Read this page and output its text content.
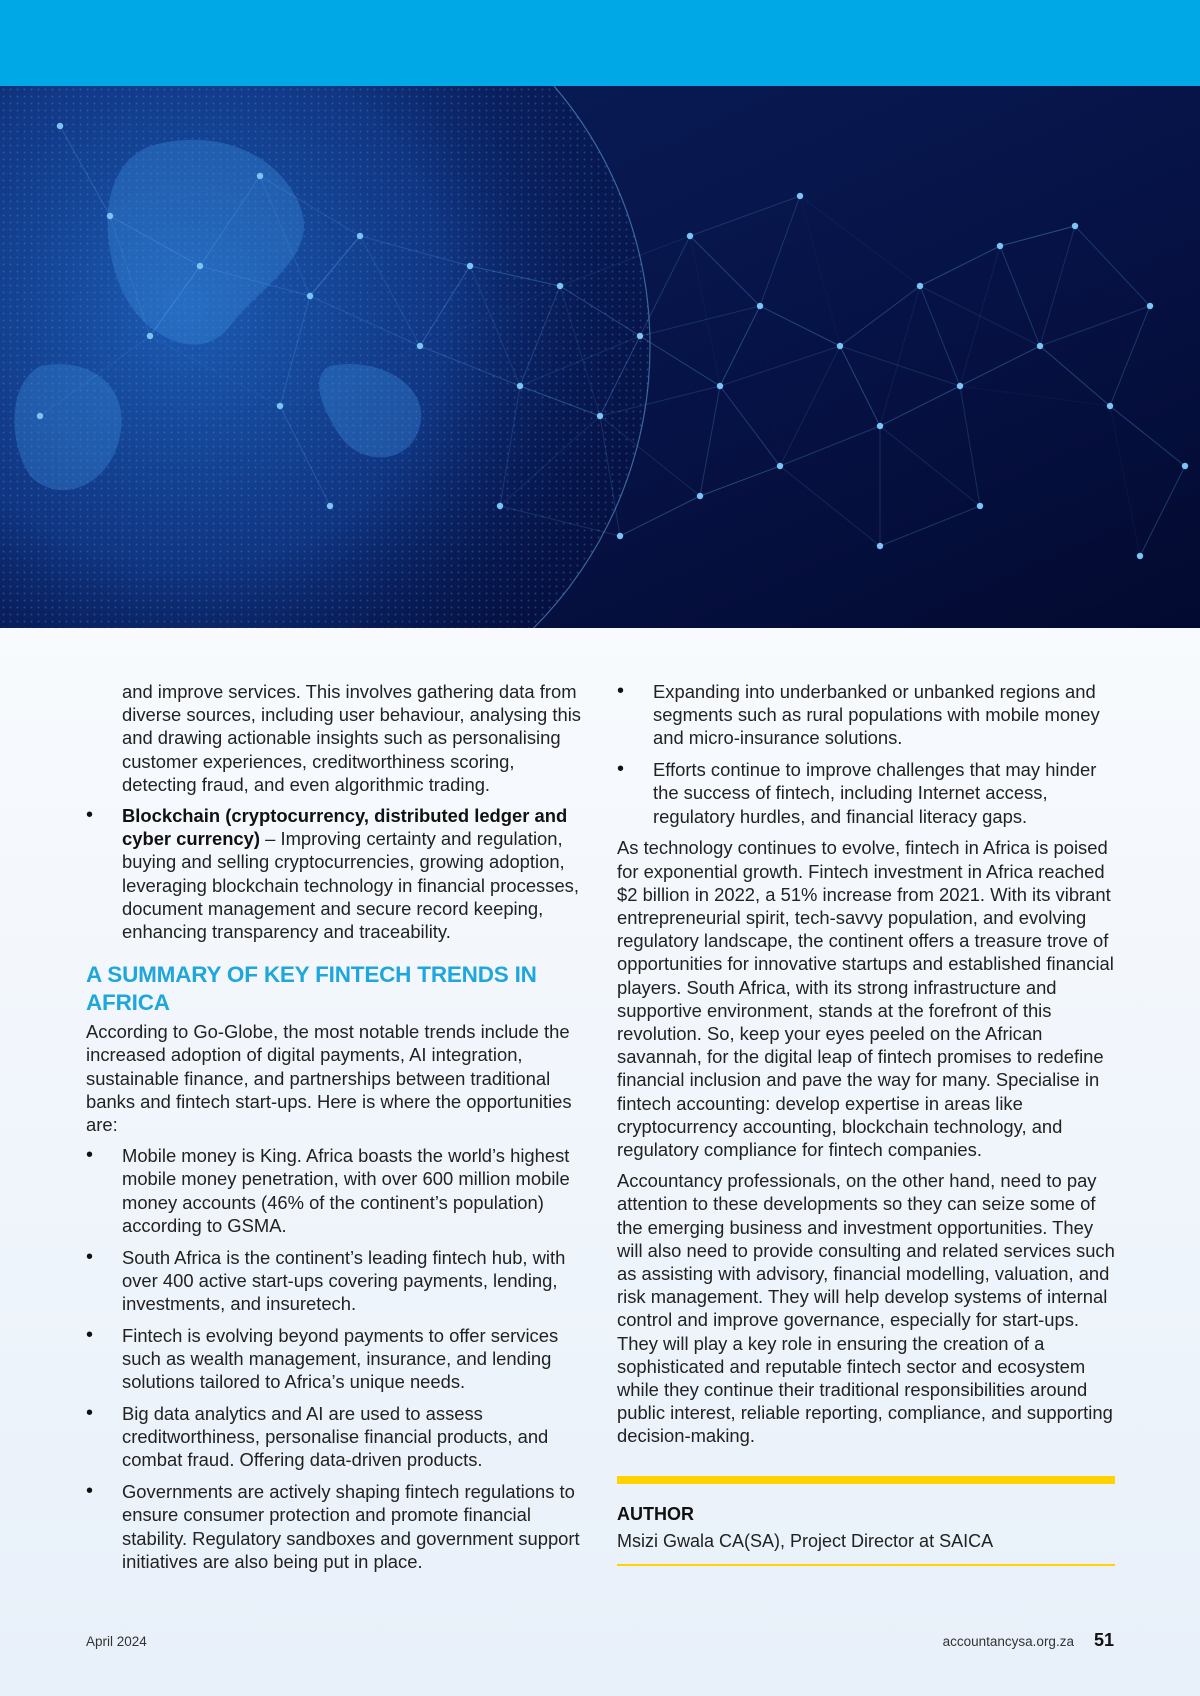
and improve services. This involves gathering data from diverse sources, including user behaviour, analysing this and drawing actionable insights such as personalising customer experiences, creditworthiness scoring, detecting fraud, and even algorithmic trading.

• Blockchain (cryptocurrency, distributed ledger and cyber currency) – Improving certainty and regulation, buying and selling cryptocurrencies, growing adoption, leveraging blockchain technology in financial processes, document management and secure record keeping, enhancing transparency and traceability.
A SUMMARY OF KEY FINTECH TRENDS IN AFRICA

According to Go-Globe, the most notable trends include the increased adoption of digital payments, AI integration, sustainable finance, and partnerships between traditional banks and fintech start-ups. Here is where the opportunities are:

• Mobile money is King. Africa boasts the world’s highest mobile money penetration, with over 600 million mobile money accounts (46% of the continent’s population) according to GSMA.
• South Africa is the continent’s leading fintech hub, with over 400 active start-ups covering payments, lending, investments, and insuretech.
• Fintech is evolving beyond payments to offer services such as wealth management, insurance, and lending solutions tailored to Africa’s unique needs.
• Big data analytics and AI are used to assess creditworthiness, personalise financial products, and combat fraud. Offering data-driven products.
• Governments are actively shaping fintech regulations to ensure consumer protection and promote financial stability. Regulatory sandboxes and government support initiatives are also being put in place.
• Expanding into underbanked or unbanked regions and segments such as rural populations with mobile money and micro-insurance solutions.
• Efforts continue to improve challenges that may hinder the success of fintech, including Internet access, regulatory hurdles, and financial literacy gaps.

As technology continues to evolve, fintech in Africa is poised for exponential growth. Fintech investment in Africa reached $2 billion in 2022, a 51% increase from 2021. With its vibrant entrepreneurial spirit, tech-savvy population, and evolving regulatory landscape, the continent offers a treasure trove of opportunities for innovative startups and established financial players. South Africa, with its strong infrastructure and supportive environment, stands at the forefront of this revolution. So, keep your eyes peeled on the African savannah, for the digital leap of fintech promises to redefine financial inclusion and pave the way for many. Specialise in fintech accounting: develop expertise in areas like cryptocurrency accounting, blockchain technology, and regulatory compliance for fintech companies.

Accountancy professionals, on the other hand, need to pay attention to these developments so they can seize some of the emerging business and investment opportunities. They will also need to provide consulting and related services such as assisting with advisory, financial modelling, valuation, and risk management. They will help develop systems of internal control and improve governance, especially for start-ups. They will play a key role in ensuring the creation of a sophisticated and reputable fintech sector and ecosystem while they continue their traditional responsibilities around public interest, reliable reporting, compliance, and supporting decision-making.

AUTHOR
Msizi Gwala CA(SA), Project Director at SAICA
April 2024	accountancysa.org.za 51
